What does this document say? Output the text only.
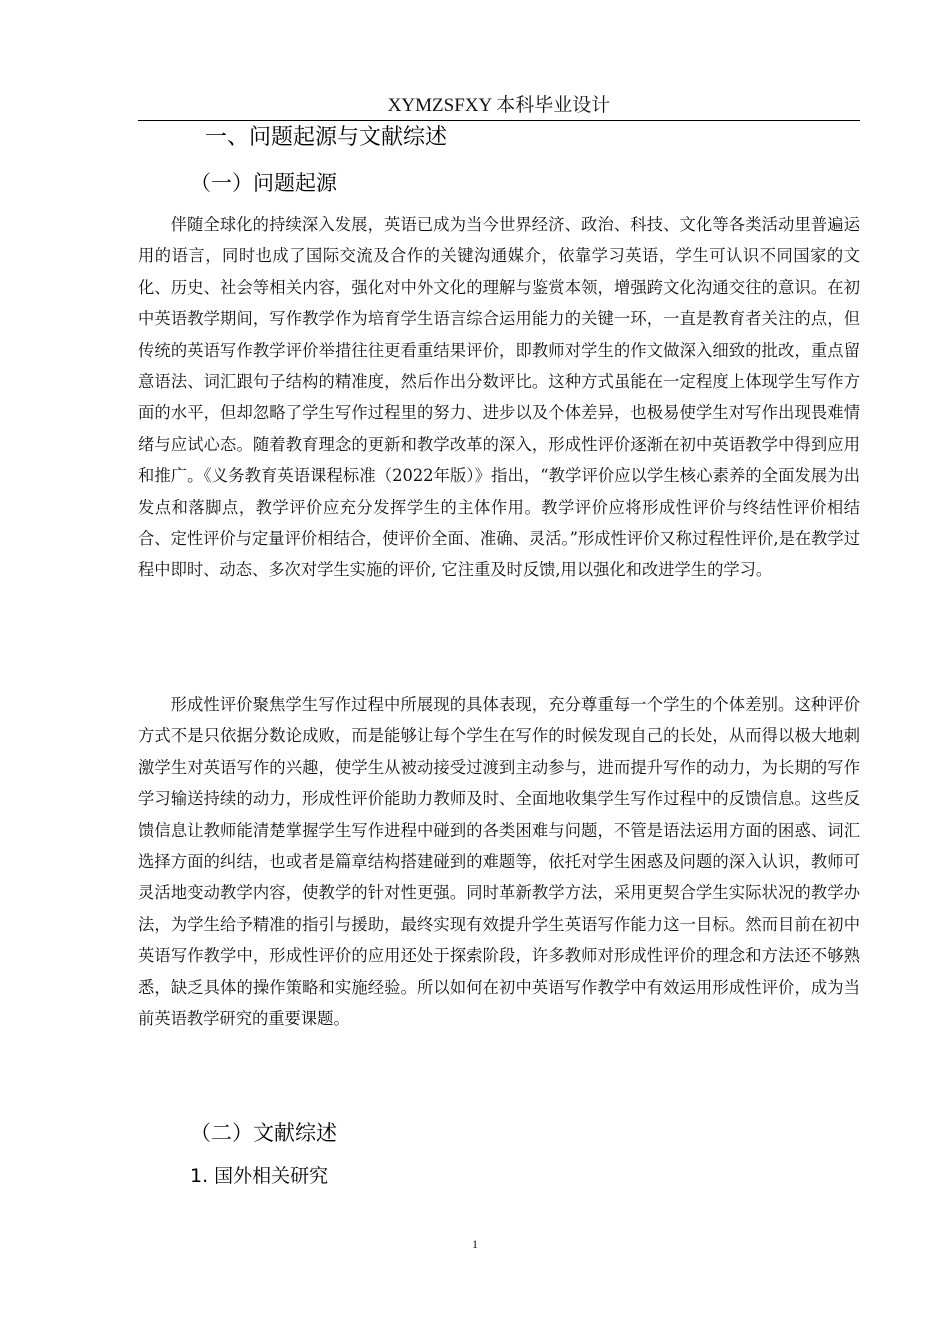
XYMZSFXY 本科毕业设计
一、问题起源与文献综述
（一）问题起源

伴随全球化的持续深入发展，英语已成为当今世界经济、政治、科技、文化等各类活动里普遍运用的语言，同时也成了国际交流及合作的关键沟通媒介，依靠学习英语，学生可认识不同国家的文化、历史、社会等相关内容，强化对中外文化的理解与鉴赏本领，增强跨文化沟通交往的意识。在初中英语教学期间，写作教学作为培育学生语言综合运用能力的关键一环，一直是教育者关注的点，但传统的英语写作教学评价举措往往更看重结果评价，即教师对学生的作文做深入细致的批改，重点留意语法、词汇跟句子结构的精准度，然后作出分数评比。这种方式虽能在一定程度上体现学生写作方面的水平，但却忽略了学生写作过程里的努力、进步以及个体差异，也极易使学生对写作出现畏难情绪与应试心态。随着教育理念的更新和教学改革的深入，形成性评价逐渐在初中英语教学中得到应用和推广。《义务教育英语课程标准（2022年版）》指出，“教学评价应以学生核心素养的全面发展为出发点和落脚点，教学评价应充分发挥学生的主体作用。教学评价应将形成性评价与终结性评价相结合、定性评价与定量评价相结合，使评价全面、准确、灵活。”形成性评价又称过程性评价,是在教学过程中即时、动态、多次对学生实施的评价, 它注重及时反馈,用以强化和改进学生的学习。

形成性评价聚焦学生写作过程中所展现的具体表现，充分尊重每一个学生的个体差别。这种评价方式不是只依据分数论成败，而是能够让每个学生在写作的时候发现自己的长处，从而得以极大地刺激学生对英语写作的兴趣，使学生从被动接受过渡到主动参与，进而提升写作的动力，为长期的写作学习输送持续的动力，形成性评价能助力教师及时、全面地收集学生写作过程中的反馈信息。这些反馈信息让教师能清楚掌握学生写作进程中碰到的各类困难与问题，不管是语法运用方面的困惑、词汇选择方面的纠结，也或者是篇章结构搭建碰到的难题等，依托对学生困惑及问题的深入认识，教师可灵活地变动教学内容，使教学的针对性更强。同时革新教学方法，采用更契合学生实际状况的教学办法，为学生给予精准的指引与援助，最终实现有效提升学生英语写作能力这一目标。然而目前在初中英语写作教学中，形成性评价的应用还处于探索阶段，许多教师对形成性评价的理念和方法还不够熟悉，缺乏具体的操作策略和实施经验。所以如何在初中英语写作教学中有效运用形成性评价，成为当前英语教学研究的重要课题。

（二）文献综述
1. 国外相关研究
1
